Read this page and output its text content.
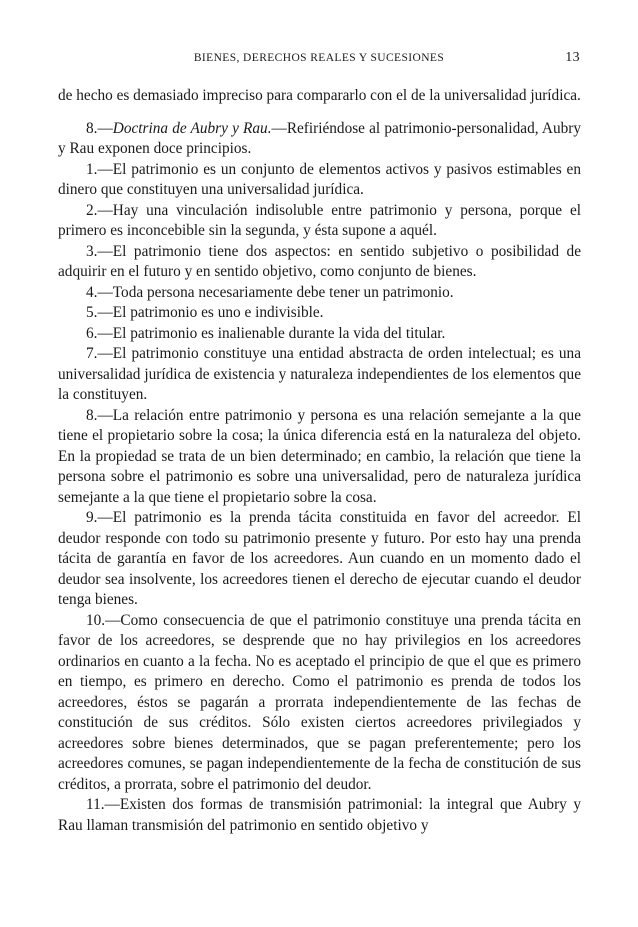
BIENES, DERECHOS REALES Y SUCESIONES	13

de hecho es demasiado impreciso para compararlo con el de la universalidad jurídica.

8.—Doctrina de Aubry y Rau.—Refiriéndose al patrimonio-personalidad, Aubry y Rau exponen doce principios.

1.—El patrimonio es un conjunto de elementos activos y pasivos estimables en dinero que constituyen una universalidad jurídica.

2.—Hay una vinculación indisoluble entre patrimonio y persona, porque el primero es inconcebible sin la segunda, y ésta supone a aquél.

3.—El patrimonio tiene dos aspectos: en sentido subjetivo o posibilidad de adquirir en el futuro y en sentido objetivo, como conjunto de bienes.

4.—Toda persona necesariamente debe tener un patrimonio.

5.—El patrimonio es uno e indivisible.

6.—El patrimonio es inalienable durante la vida del titular.

7.—El patrimonio constituye una entidad abstracta de orden intelectual; es una universalidad jurídica de existencia y naturaleza independientes de los elementos que la constituyen.

8.—La relación entre patrimonio y persona es una relación semejante a la que tiene el propietario sobre la cosa; la única diferencia está en la naturaleza del objeto. En la propiedad se trata de un bien determinado; en cambio, la relación que tiene la persona sobre el patrimonio es sobre una universalidad, pero de naturaleza jurídica semejante a la que tiene el propietario sobre la cosa.

9.—El patrimonio es la prenda tácita constituida en favor del acreedor. El deudor responde con todo su patrimonio presente y futuro. Por esto hay una prenda tácita de garantía en favor de los acreedores. Aun cuando en un momento dado el deudor sea insolvente, los acreedores tienen el derecho de ejecutar cuando el deudor tenga bienes.

10.—Como consecuencia de que el patrimonio constituye una prenda tácita en favor de los acreedores, se desprende que no hay privilegios en los acreedores ordinarios en cuanto a la fecha. No es aceptado el principio de que el que es primero en tiempo, es primero en derecho. Como el patrimonio es prenda de todos los acreedores, éstos se pagarán a prorrata independientemente de las fechas de constitución de sus créditos. Sólo existen ciertos acreedores privilegiados y acreedores sobre bienes determinados, que se pagan preferentemente; pero los acreedores comunes, se pagan independientemente de la fecha de constitución de sus créditos, a prorrata, sobre el patrimonio del deudor.

11.—Existen dos formas de transmisión patrimonial: la integral que Aubry y Rau llaman transmisión del patrimonio en sentido objetivo y
